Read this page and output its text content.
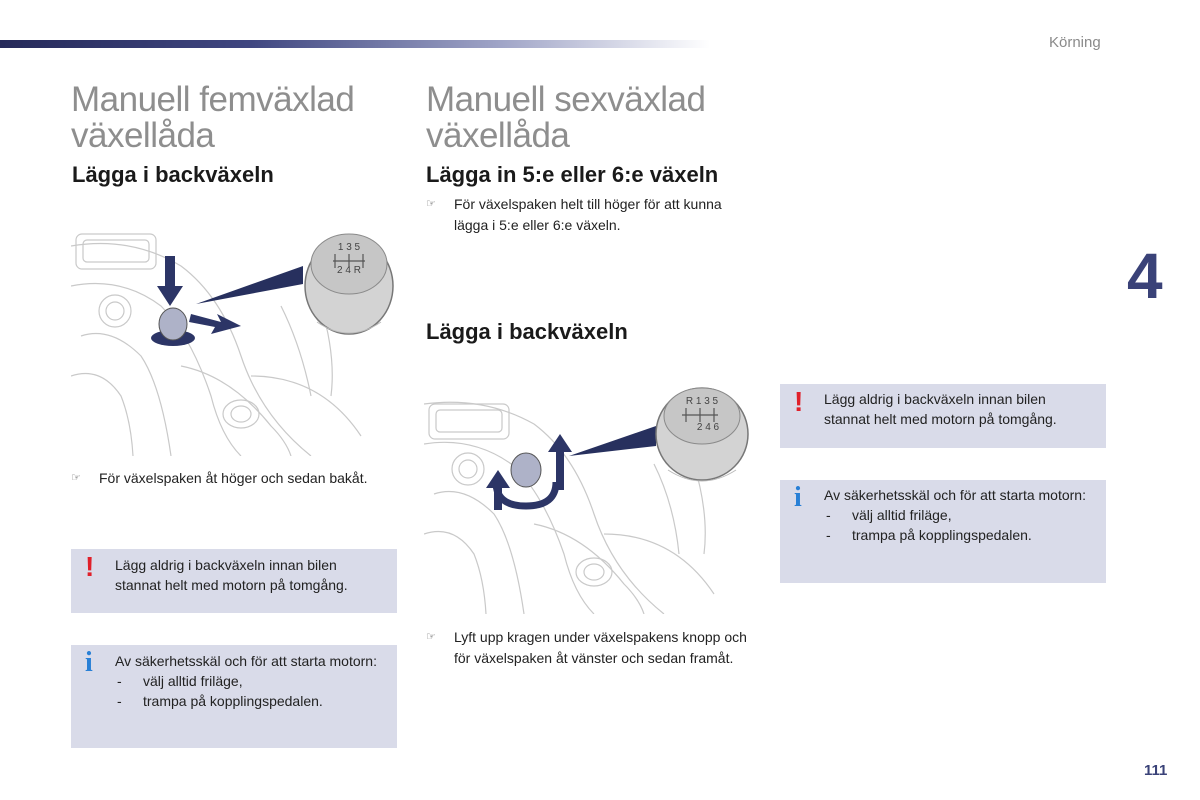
Körning
4
111
Manuell femväxlad
växellåda
Lägga i backväxeln
1 3 5
2 4 R
☞ För växelspaken åt höger och sedan bakåt.
! Lägg aldrig i backväxeln innan bilen stannat helt med motorn på tomgång.
i Av säkerhetsskäl och för att starta motorn:
- välj alltid friläge,
- trampa på kopplingspedalen.
Manuell sexväxlad
växellåda
Lägga in 5:e eller 6:e växeln
☞ För växelspaken helt till höger för att kunna lägga i 5:e eller 6:e växeln.
Lägga i backväxeln
R 1 3 5
2 4 6
☞ Lyft upp kragen under växelspakens knopp och för växelspaken åt vänster och sedan framåt.
! Lägg aldrig i backväxeln innan bilen stannat helt med motorn på tomgång.
i Av säkerhetsskäl och för att starta motorn:
- välj alltid friläge,
- trampa på kopplingspedalen.
